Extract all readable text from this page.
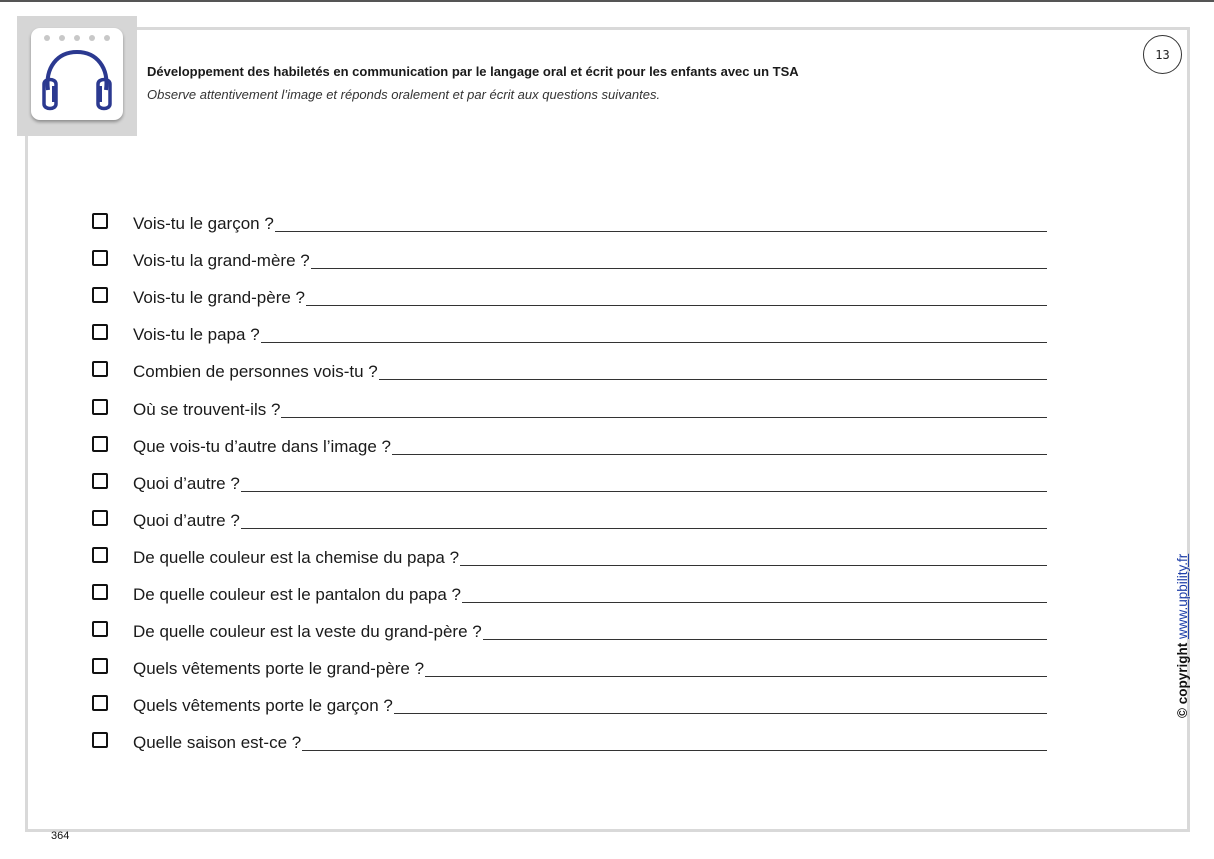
Développement des habiletés en communication par le langage oral et écrit pour les enfants avec un TSA
Observe attentivement l’image et réponds oralement et par écrit aux questions suivantes.
13
Vois-tu le garçon ?
Vois-tu la grand-mère ?
Vois-tu le grand-père ?
Vois-tu le papa ?
Combien de personnes vois-tu ?
Où se trouvent-ils ?
Que vois-tu d’autre dans l’image ?
Quoi d’autre ?
Quoi d’autre ?
De quelle couleur est la chemise du papa ?
De quelle couleur est le pantalon du papa ?
De quelle couleur est la veste du grand-père ?
Quels vêtements porte le grand-père ?
Quels vêtements porte le garçon ?
Quelle saison est-ce ?
© copyright www.upbility.fr
364
